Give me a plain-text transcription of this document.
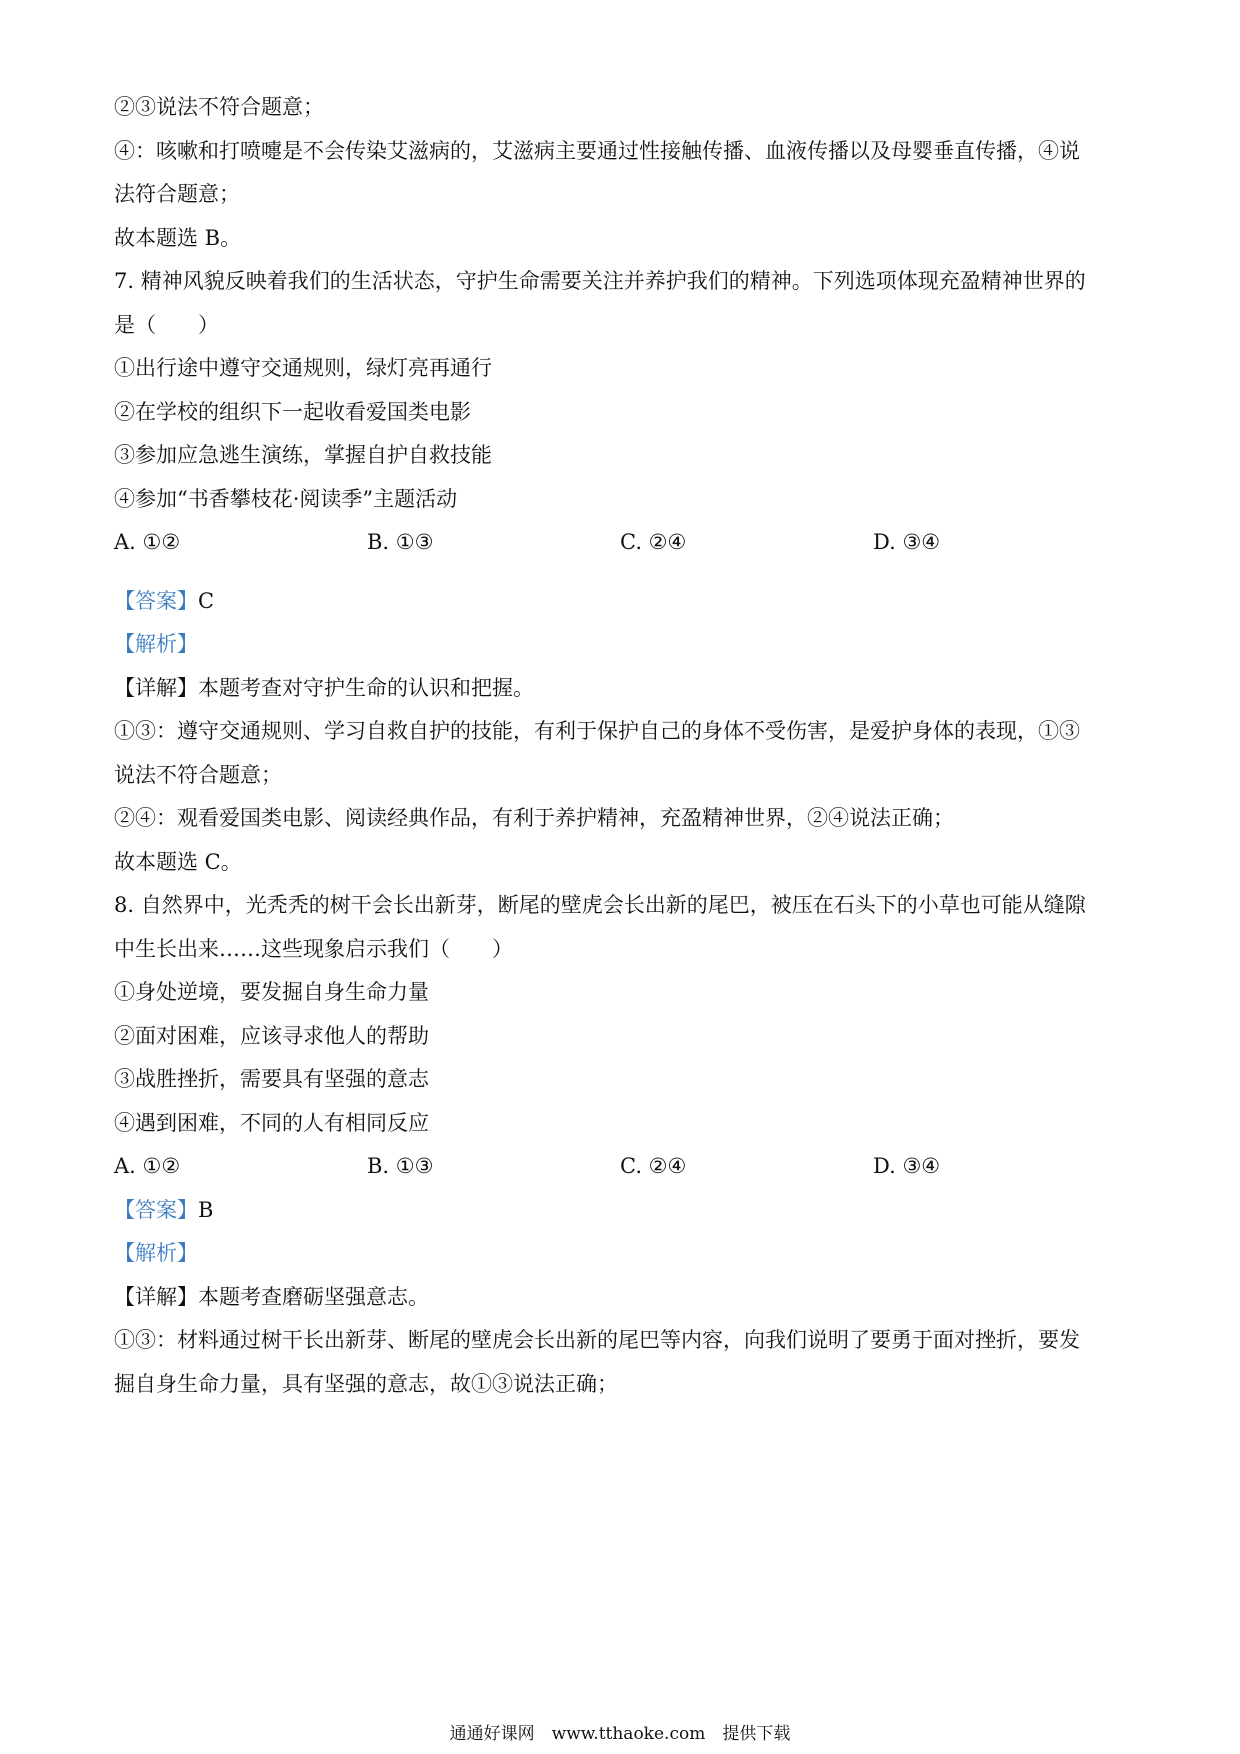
②③说法不符合题意；
④：咳嗽和打喷嚏是不会传染艾滋病的，艾滋病主要通过性接触传播、血液传播以及母婴垂直传播，④说
法符合题意；
故本题选 B。
7. 精神风貌反映着我们的生活状态，守护生命需要关注并养护我们的精神。下列选项体现充盈精神世界的
是（　　）
①出行途中遵守交通规则，绿灯亮再通行
②在学校的组织下一起收看爱国类电影
③参加应急逃生演练，掌握自护自救技能
④参加“书香攀枝花·阅读季”主题活动
A. ①②	B. ①③	C. ②④	D. ③④
【答案】C
【解析】
【详解】本题考查对守护生命的认识和把握。
①③：遵守交通规则、学习自救自护的技能，有利于保护自己的身体不受伤害，是爱护身体的表现，①③
说法不符合题意；
②④：观看爱国类电影、阅读经典作品，有利于养护精神，充盈精神世界，②④说法正确；
故本题选 C。
8. 自然界中，光秃秃的树干会长出新芽，断尾的壁虎会长出新的尾巴，被压在石头下的小草也可能从缝隙
中生长出来……这些现象启示我们（　　）
①身处逆境，要发掘自身生命力量
②面对困难，应该寻求他人的帮助
③战胜挫折，需要具有坚强的意志
④遇到困难，不同的人有相同反应
A. ①②	B. ①③	C. ②④	D. ③④
【答案】B
【解析】
【详解】本题考查磨砺坚强意志。
①③：材料通过树干长出新芽、断尾的壁虎会长出新的尾巴等内容，向我们说明了要勇于面对挫折，要发
掘自身生命力量，具有坚强的意志，故①③说法正确；
通通好课网　www.tthaoke.com　提供下载
